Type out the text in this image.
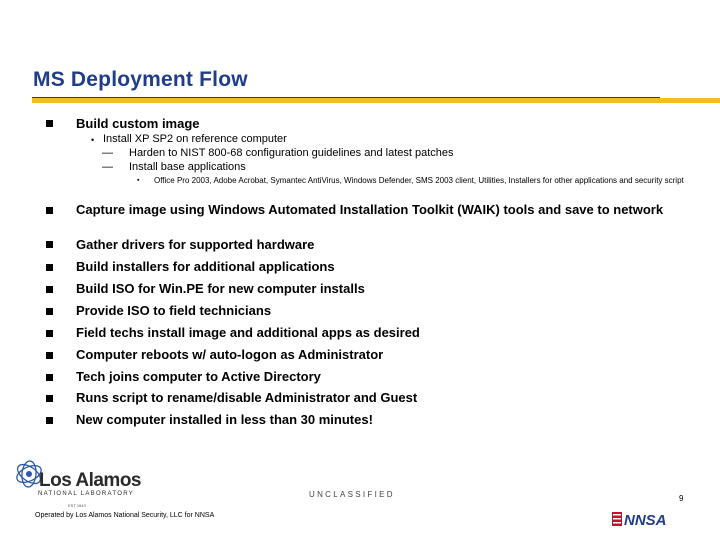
MS Deployment Flow
Build custom image
• Install XP SP2 on reference computer
— Harden to NIST 800-68 configuration guidelines and latest patches
— Install base applications
▪ Office Pro 2003, Adobe Acrobat, Symantec AntiVirus, Windows Defender, SMS 2003 client, Utilities, Installers for other applications and security script
Capture image using Windows Automated Installation Toolkit (WAIK) tools and save to network
Gather drivers for supported hardware
Build installers for additional applications
Build ISO for Win.PE for new computer installs
Provide ISO to field technicians
Field techs install image and additional apps as desired
Computer reboots w/ auto-logon as Administrator
Tech joins computer to Active Directory
Runs script to rename/disable Administrator and Guest
New computer installed in less than 30 minutes!
Los Alamos
NATIONAL LABORATORY
EST 1943
UNCLASSIFIED	9
Operated by Los Alamos National Security, LLC for NNSA	NNSA
